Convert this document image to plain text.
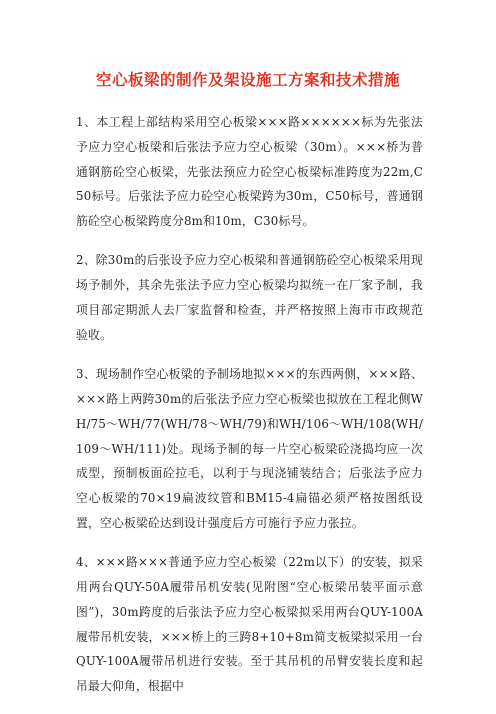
空心板梁的制作及架设施工方案和技术措施

1、本工程上部结构采用空心板梁×××路××××××标为先张法予应力空心板梁和后张法予应力空心板梁（30m）。×××桥为普通钢筋砼空心板梁，先张法预应力砼空心板梁标准跨度为22m,C50标号。后张法予应力砼空心板梁跨为30m，C50标号，普通钢筋砼空心板梁跨度分8m和10m，C30标号。

2、除30m的后张设予应力空心板梁和普通钢筋砼空心板梁采用现场予制外，其余先张法予应力空心板梁均拟统一在厂家予制，我项目部定期派人去厂家监督和检查，并严格按照上海市市政规范验收。

3、现场制作空心板梁的予制场地拟×××的东西两侧，×××路、×××路上两跨30m的后张法予应力空心板梁也拟放在工程北侧WH/75～WH/77(WH/78～WH/79)和WH/106～WH/108(WH/109～WH/111)处。现场予制的每一片空心板梁砼浇捣均应一次成型，预制板面砼拉毛，以利于与现浇铺装结合；后张法予应力空心板梁的70×19扁波纹管和BM15-4扁锚必须严格按图纸设置，空心板梁砼达到设计强度后方可施行予应力张拉。

4、×××路×××普通予应力空心板梁（22m以下）的安装，拟采用两台QUY-50A履带吊机安装(见附图“空心板梁吊装平面示意图”)，30m跨度的后张法予应力空心板梁拟采用两台QUY-100A履带吊机安装，×××桥上的三跨8+10+8m简支板梁拟采用一台QUY-100A履带吊机进行安装。至于其吊机的吊臂安装长度和起吊最大仰角，根据中
